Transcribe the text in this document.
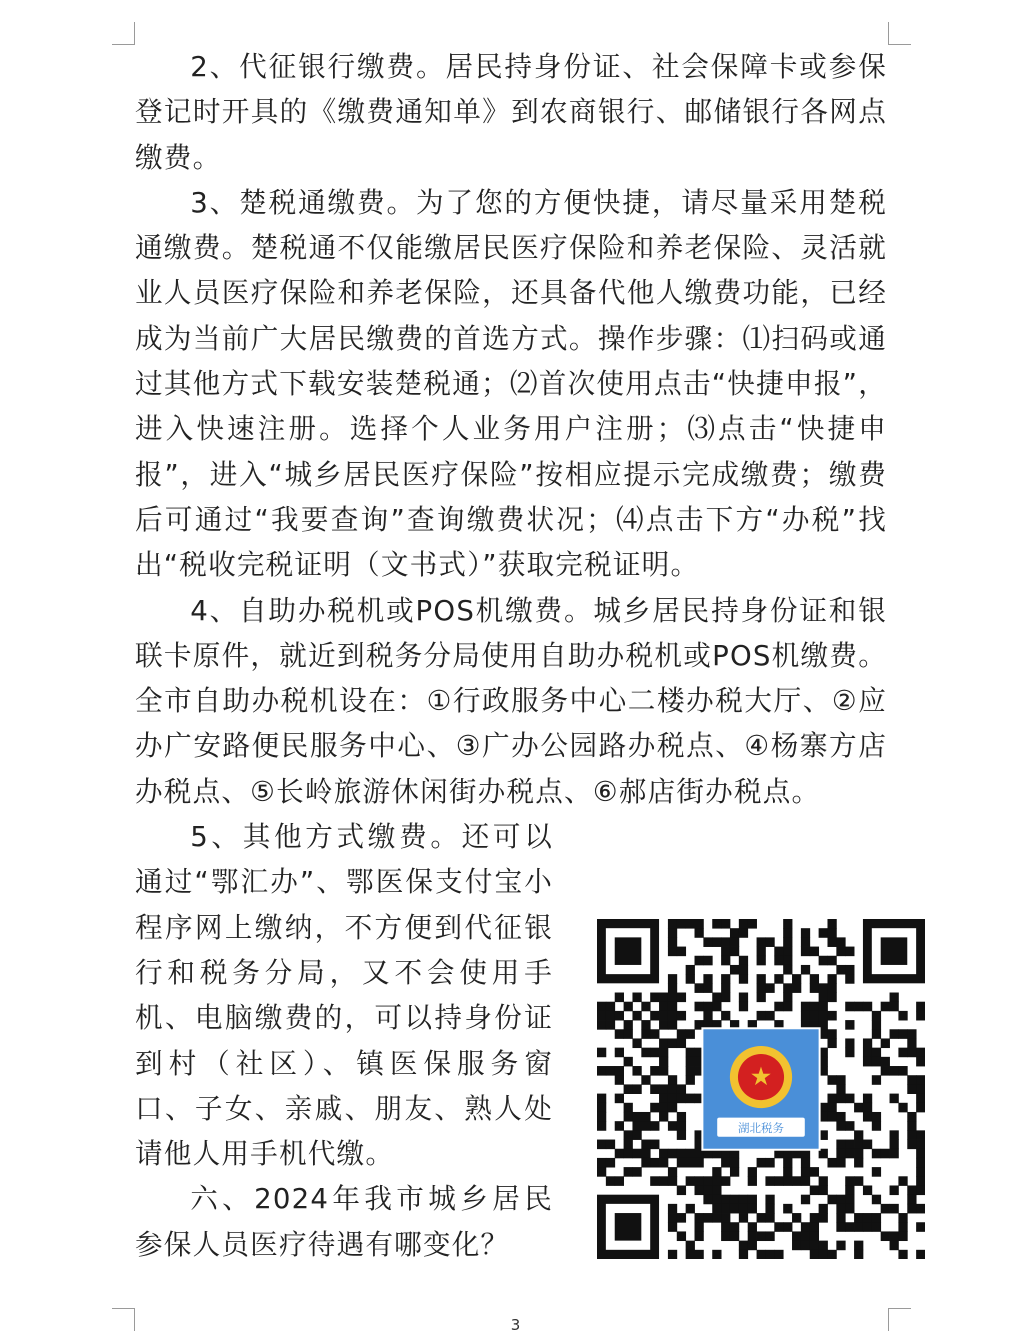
2、代征银行缴费。居民持身份证、社会保障卡或参保登记时开具的《缴费通知单》到农商银行、邮储银行各网点缴费。

3、楚税通缴费。为了您的方便快捷，请尽量采用楚税通缴费。楚税通不仅能缴居民医疗保险和养老保险、灵活就业人员医疗保险和养老保险，还具备代他人缴费功能，已经成为当前广大居民缴费的首选方式。操作步骤：⑴扫码或通过其他方式下载安装楚税通；⑵首次使用点击“快捷申报”，进入快速注册。选择个人业务用户注册；⑶点击“快捷申报”，进入“城乡居民医疗保险”按相应提示完成缴费；缴费后可通过“我要查询”查询缴费状况；⑷点击下方“办税”找出“税收完税证明（文书式）”获取完税证明。

4、自助办税机或POS机缴费。城乡居民持身份证和银联卡原件，就近到税务分局使用自助办税机或POS机缴费。全市自助办税机设在：①行政服务中心二楼办税大厅、②应办广安路便民服务中心、③广办公园路办税点、④杨寨方店办税点、⑤长岭旅游休闲街办税点、⑥郝店街办税点。

5、其他方式缴费。还可以通过“鄂汇办”、鄂医保支付宝小程序网上缴纳，不方便到代征银行和税务分局，又不会使用手机、电脑缴费的，可以持身份证到村（社区）、镇医保服务窗口、子女、亲戚、朋友、熟人处请他人用手机代缴。

六、2024年我市城乡居民参保人员医疗待遇有哪变化？

★
湖北税务
3
